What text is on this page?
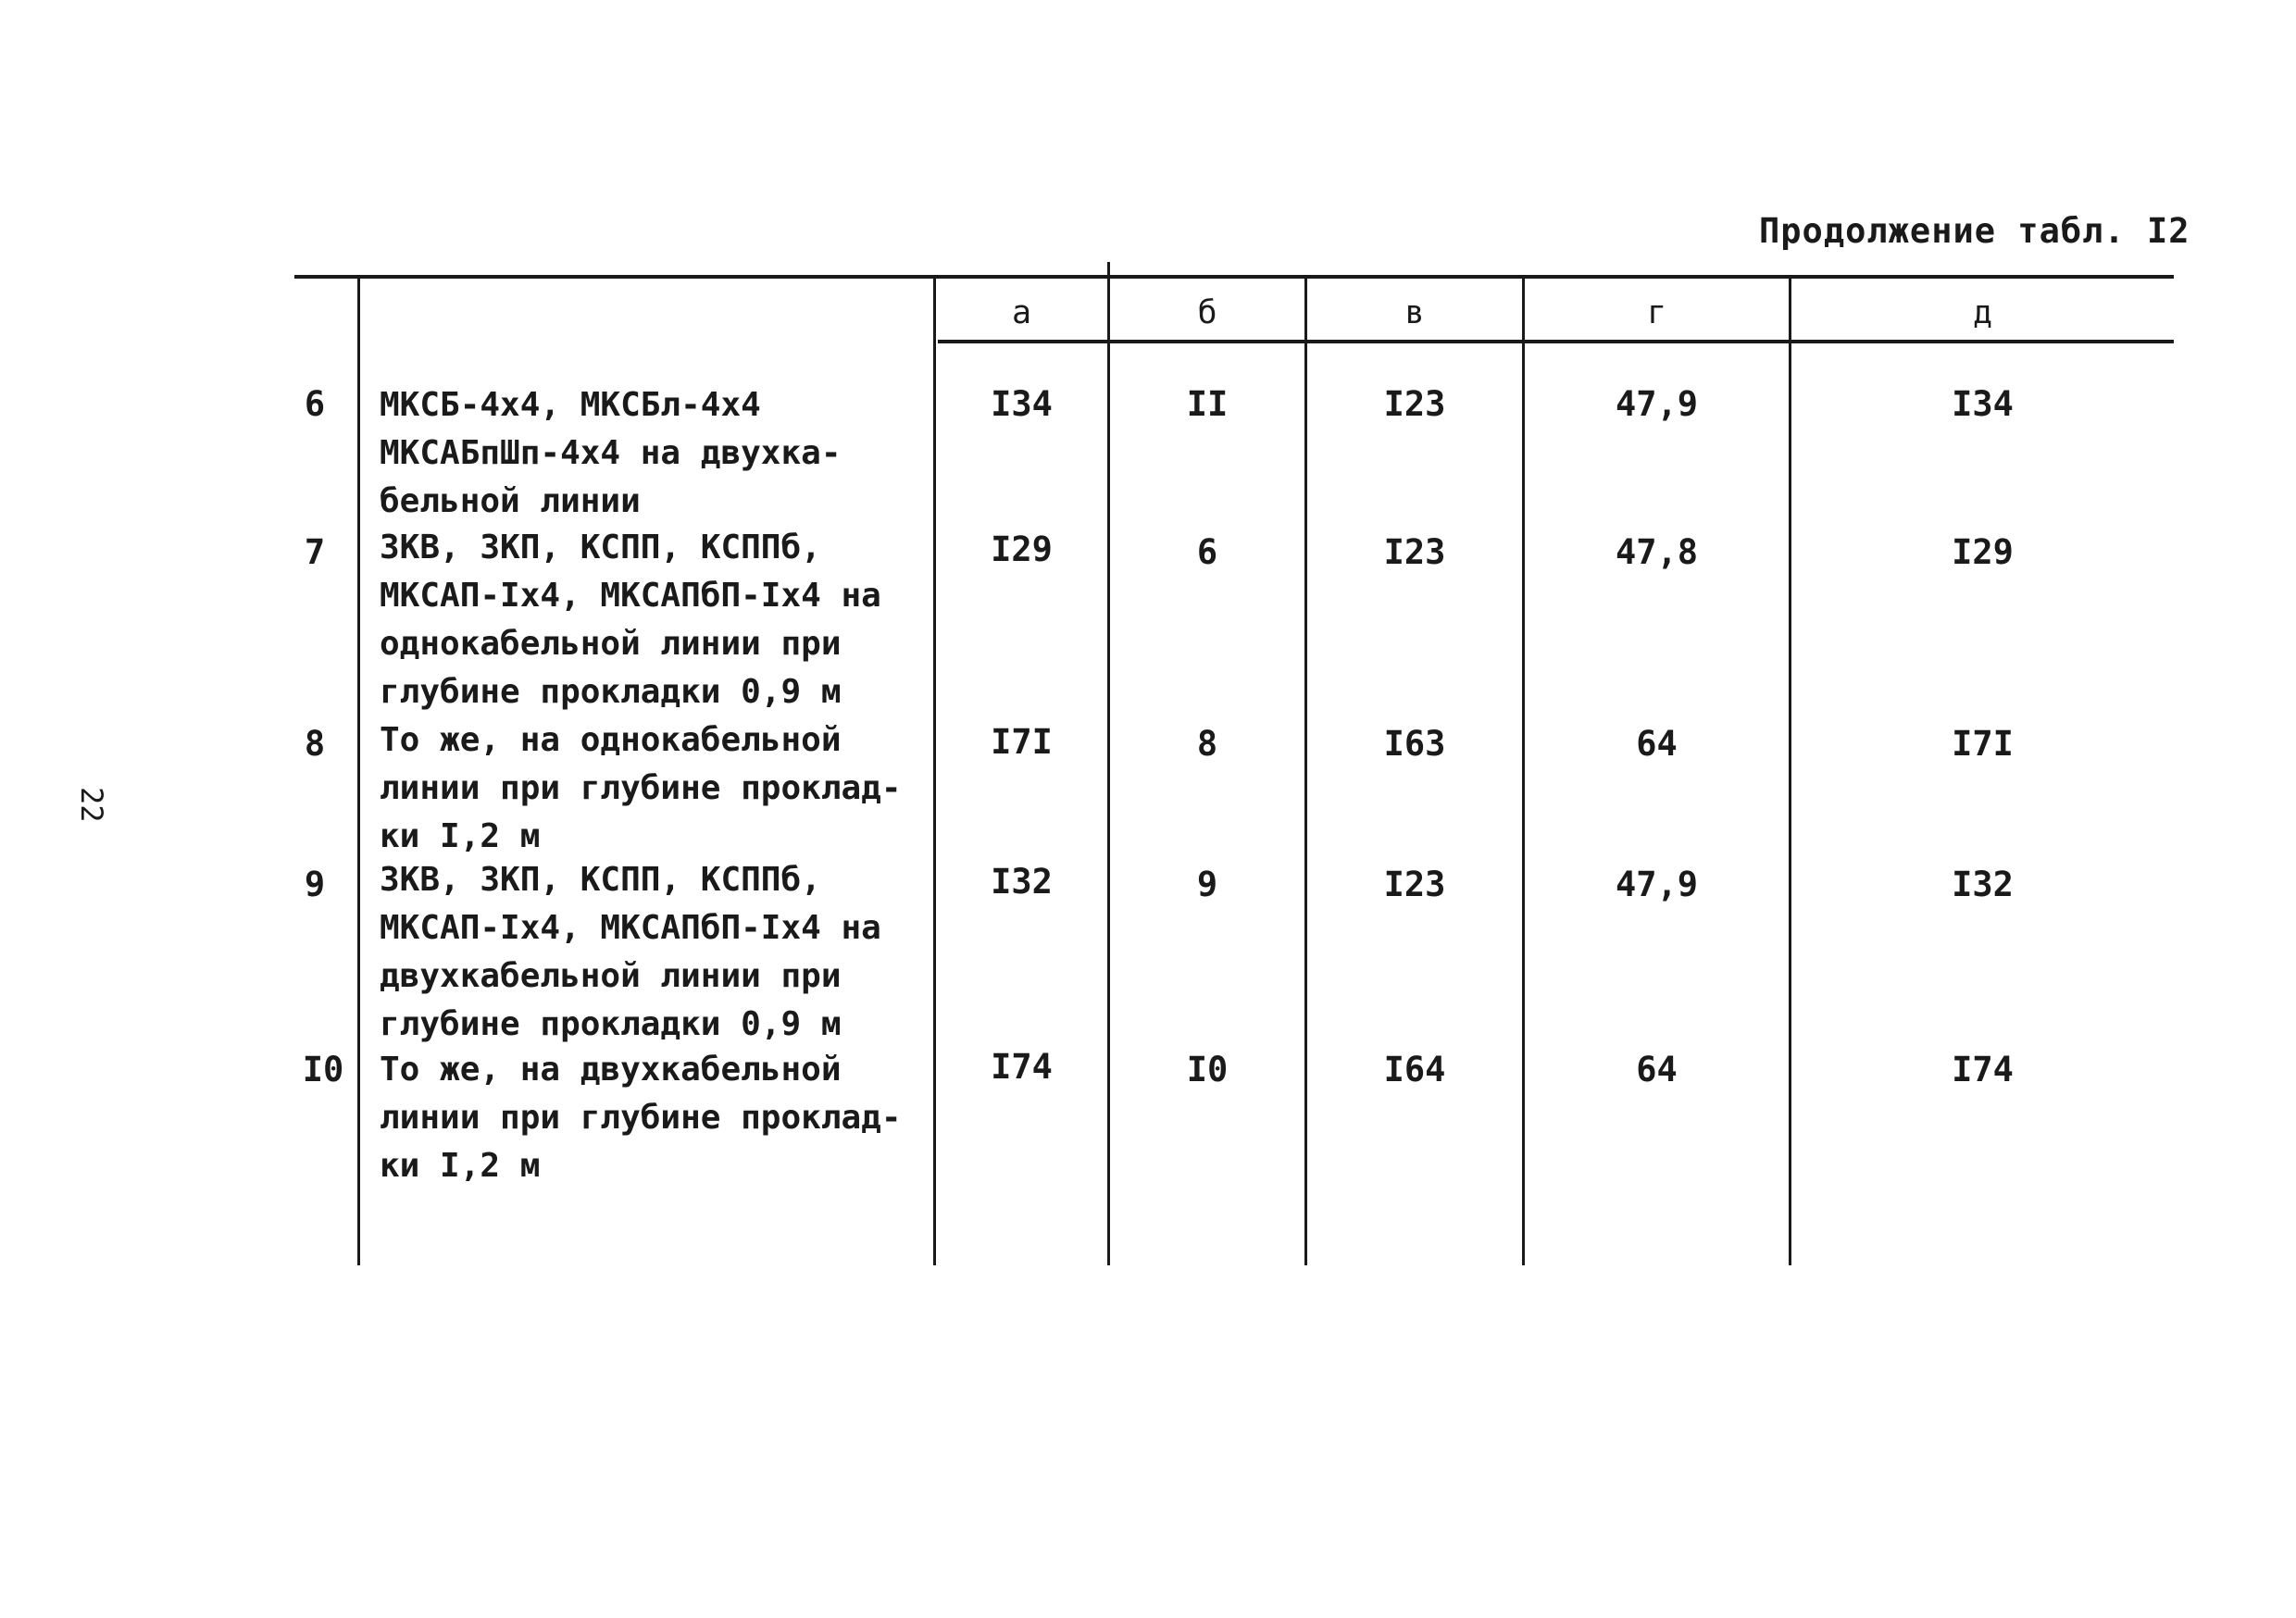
Продолжение табл. I2
22
а	б	в	г	д
6	МКСБ-4х4, МКСБл-4х4
МКСАБпШп-4х4 на двухка-
бельной линии
I34	II	I23	47,9	I34
7	ЗКВ, ЗКП, КСПП, КСППб,
МКСАП-Iх4, МКСАПбП-Iх4 на
однокабельной линии при
глубине прокладки 0,9 м
I29	6	I23	47,8	I29
8	То же, на однокабельной
линии при глубине проклад-
ки I,2 м
I7I	8	I63	64	I7I
9	ЗКВ, ЗКП, КСПП, КСППб,
МКСАП-Iх4, МКСАПбП-Iх4 на
двухкабельной линии при
глубине прокладки 0,9 м
I32	9	I23	47,9	I32
I0 То же, на двухкабельной
линии при глубине проклад-
ки I,2 м
I74	I0	I64	64	I74
